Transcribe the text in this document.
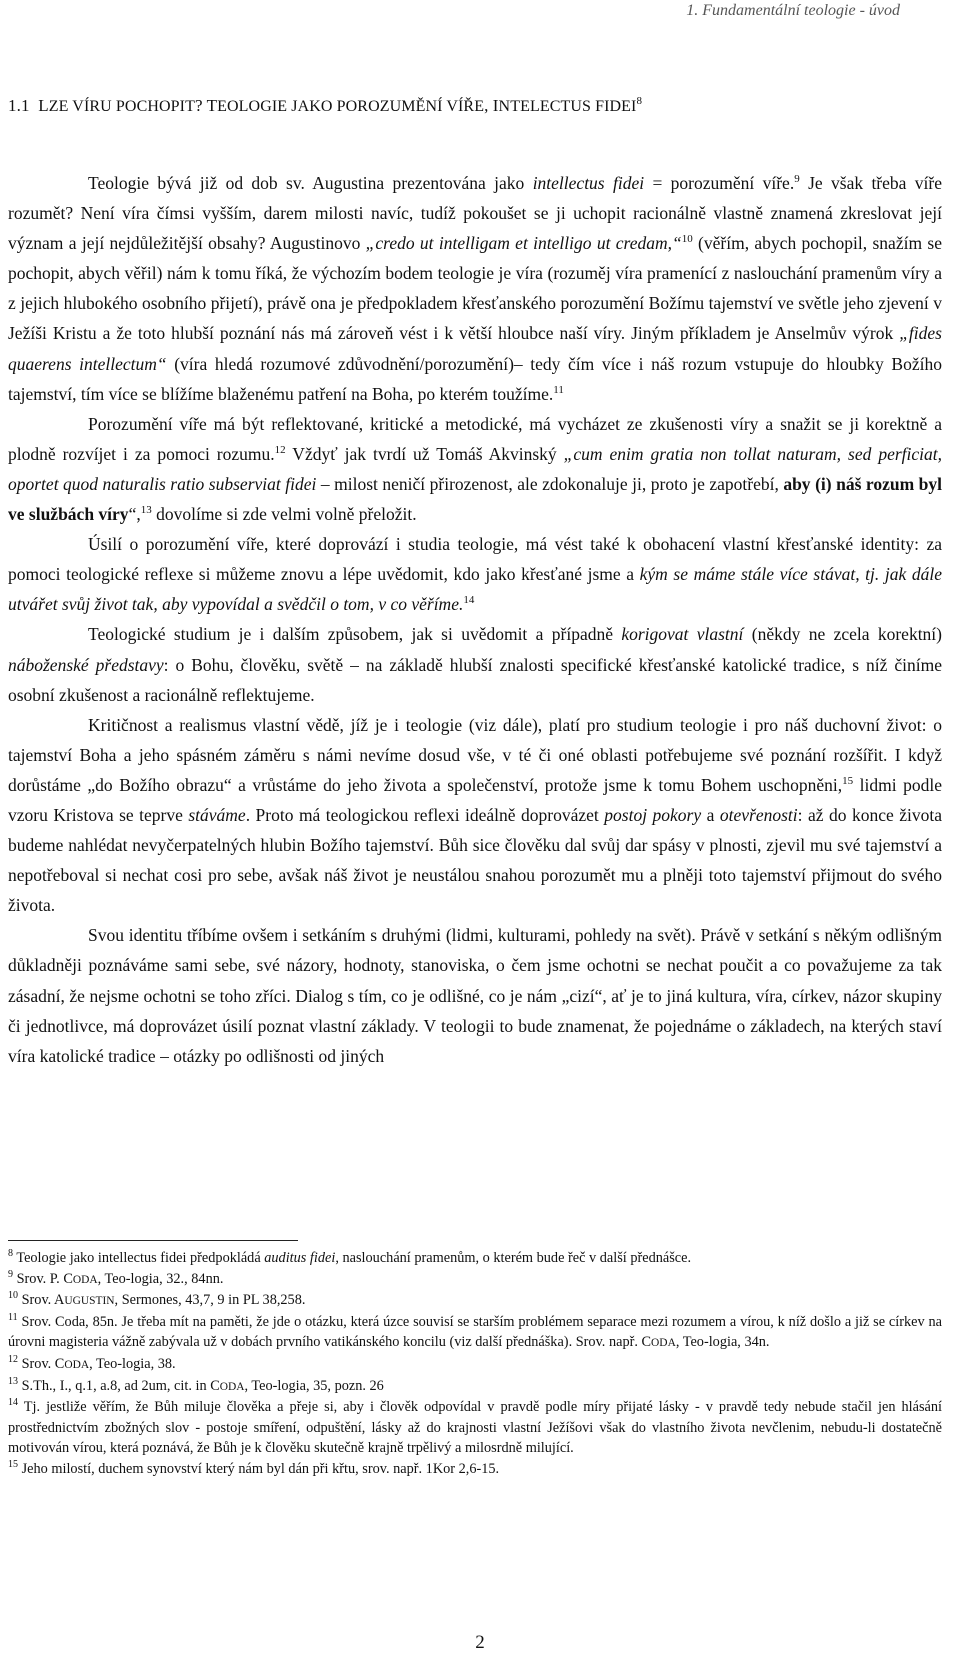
1. Fundamentální teologie - úvod
1.1 LZE VÍRU POCHOPIT? TEOLOGIE JAKO POROZUMĚNÍ VÍŘE, INTELECTUS FIDEI$^8$

Teologie bývá již od dob sv. Augustina prezentována jako intellectus fidei = porozumění víře.$^9$ Je však třeba víře rozumět? Není víra čímsi vyšším, darem milosti navíc, tudíž pokoušet se ji uchopit racionálně vlastně znamená zkreslovat její význam a její nejdůležitější obsahy? Augustinovo „credo ut intelligam et intelligo ut credam,“$^{10}$ (věřím, abych pochopil, snažím se pochopit, abych věřil) nám k tomu říká, že výchozím bodem teologie je víra (rozuměj víra pramenící z naslouchání pramenům víry a z jejich hlubokého osobního přijetí), právě ona je předpokladem křesťanského porozumění Božímu tajemství ve světle jeho zjevení v Ježíši Kristu a že toto hlubší poznání nás má zároveň vést i k větší hloubce naší víry. Jiným příkladem je Anselmův výrok „fides quaerens intellectum“ (víra hledá rozumové zdůvodnění/porozumění)– tedy čím více i náš rozum vstupuje do hloubky Božího tajemství, tím více se blížíme blaženému patření na Boha, po kterém toužíme.$^{11}$

Porozumění víře má být reflektované, kritické a metodické, má vycházet ze zkušenosti víry a snažit se ji korektně a plodně rozvíjet i za pomoci rozumu.$^{12}$ Vždyť jak tvrdí už Tomáš Akvinský „cum enim gratia non tollat naturam, sed perficiat, oportet quod naturalis ratio subserviat fidei – milost neničí přirozenost, ale zdokonaluje ji, proto je zapotřebí, aby (i) náš rozum byl ve službách víry“,$^{13}$ dovolíme si zde velmi volně přeložit.

Úsilí o porozumění víře, které doprovází i studia teologie, má vést také k obohacení vlastní křesťanské identity: za pomoci teologické reflexe si můžeme znovu a lépe uvědomit, kdo jako křesťané jsme a kým se máme stále více stávat, tj. jak dále utvářet svůj život tak, aby vypovídal a svědčil o tom, v co věříme.$^{14}$

Teologické studium je i dalším způsobem, jak si uvědomit a případně korigovat vlastní (někdy ne zcela korektní) náboženské představy: o Bohu, člověku, světě – na základě hlubší znalosti specifické křesťanské katolické tradice, s níž činíme osobní zkušenost a racionálně reflektujeme.

Kritičnost a realismus vlastní vědě, jíž je i teologie (viz dále), platí pro studium teologie i pro náš duchovní život: o tajemství Boha a jeho spásném záměru s námi nevíme dosud vše, v té či oné oblasti potřebujeme své poznání rozšířit. I když dorůstáme „do Božího obrazu“ a vrůstáme do jeho života a společenství, protože jsme k tomu Bohem uschopněni,$^{15}$ lidmi podle vzoru Kristova se teprve stáváme. Proto má teologickou reflexi ideálně doprovázet postoj pokory a otevřenosti: až do konce života budeme nahlédat nevyčerpatelných hlubin Božího tajemství. Bůh sice člověku dal svůj dar spásy v plnosti, zjevil mu své tajemství a nepotřeboval si nechat cosi pro sebe, avšak náš život je neustálou snahou porozumět mu a plněji toto tajemství přijmout do svého života.

Svou identitu tříbíme ovšem i setkáním s druhými (lidmi, kulturami, pohledy na svět). Právě v setkání s někým odlišným důkladněji poznáváme sami sebe, své názory, hodnoty, stanoviska, o čem jsme ochotni se nechat poučit a co považujeme za tak zásadní, že nejsme ochotni se toho zříci. Dialog s tím, co je odlišné, co je nám „cizí“, ať je to jiná kultura, víra, církev, názor skupiny či jednotlivce, má doprovázet úsilí poznat vlastní základy. V teologii to bude znamenat, že pojednáme o základech, na kterých staví víra katolické tradice – otázky po odlišnosti od jiných

$^8$ Teologie jako intellectus fidei předpokládá auditus fidei, naslouchání pramenům, o kterém bude řeč v další přednášce.

$^9$ Srov. P. CODA, Teo-logia, 32., 84nn.

$^{10}$ Srov. AUGUSTIN, Sermones, 43,7, 9 in PL 38,258.

$^{11}$ Srov. Coda, 85n. Je třeba mít na paměti, že jde o otázku, která úzce souvisí se starším problémem separace mezi rozumem a vírou, k níž došlo a již se církev na úrovni magisteria vážně zabývala už v dobách prvního vatikánského koncilu (viz další přednáška). Srov. např. CODA, Teo-logia, 34n.

$^{12}$ Srov. CODA, Teo-logia, 38.

$^{13}$ S.Th., I., q.1, a.8, ad 2um, cit. in CODA, Teo-logia, 35, pozn. 26

$^{14}$ Tj. jestliže věřím, že Bůh miluje člověka a přeje si, aby i člověk odpovídal v pravdě podle míry přijaté lásky - v pravdě tedy nebude stačil jen hlásání prostřednictvím zbožných slov - postoje smíření, odpuštění, lásky až do krajnosti vlastní Ježíšovi však do vlastního života nevčlenim, nebudu-li dostatečně motivován vírou, která poznává, že Bůh je k člověku skutečně krajně trpělivý a milosrdně milující.

$^{15}$ Jeho milostí, duchem synovství který nám byl dán při křtu, srov. např. 1Kor 2,6-15.

2
